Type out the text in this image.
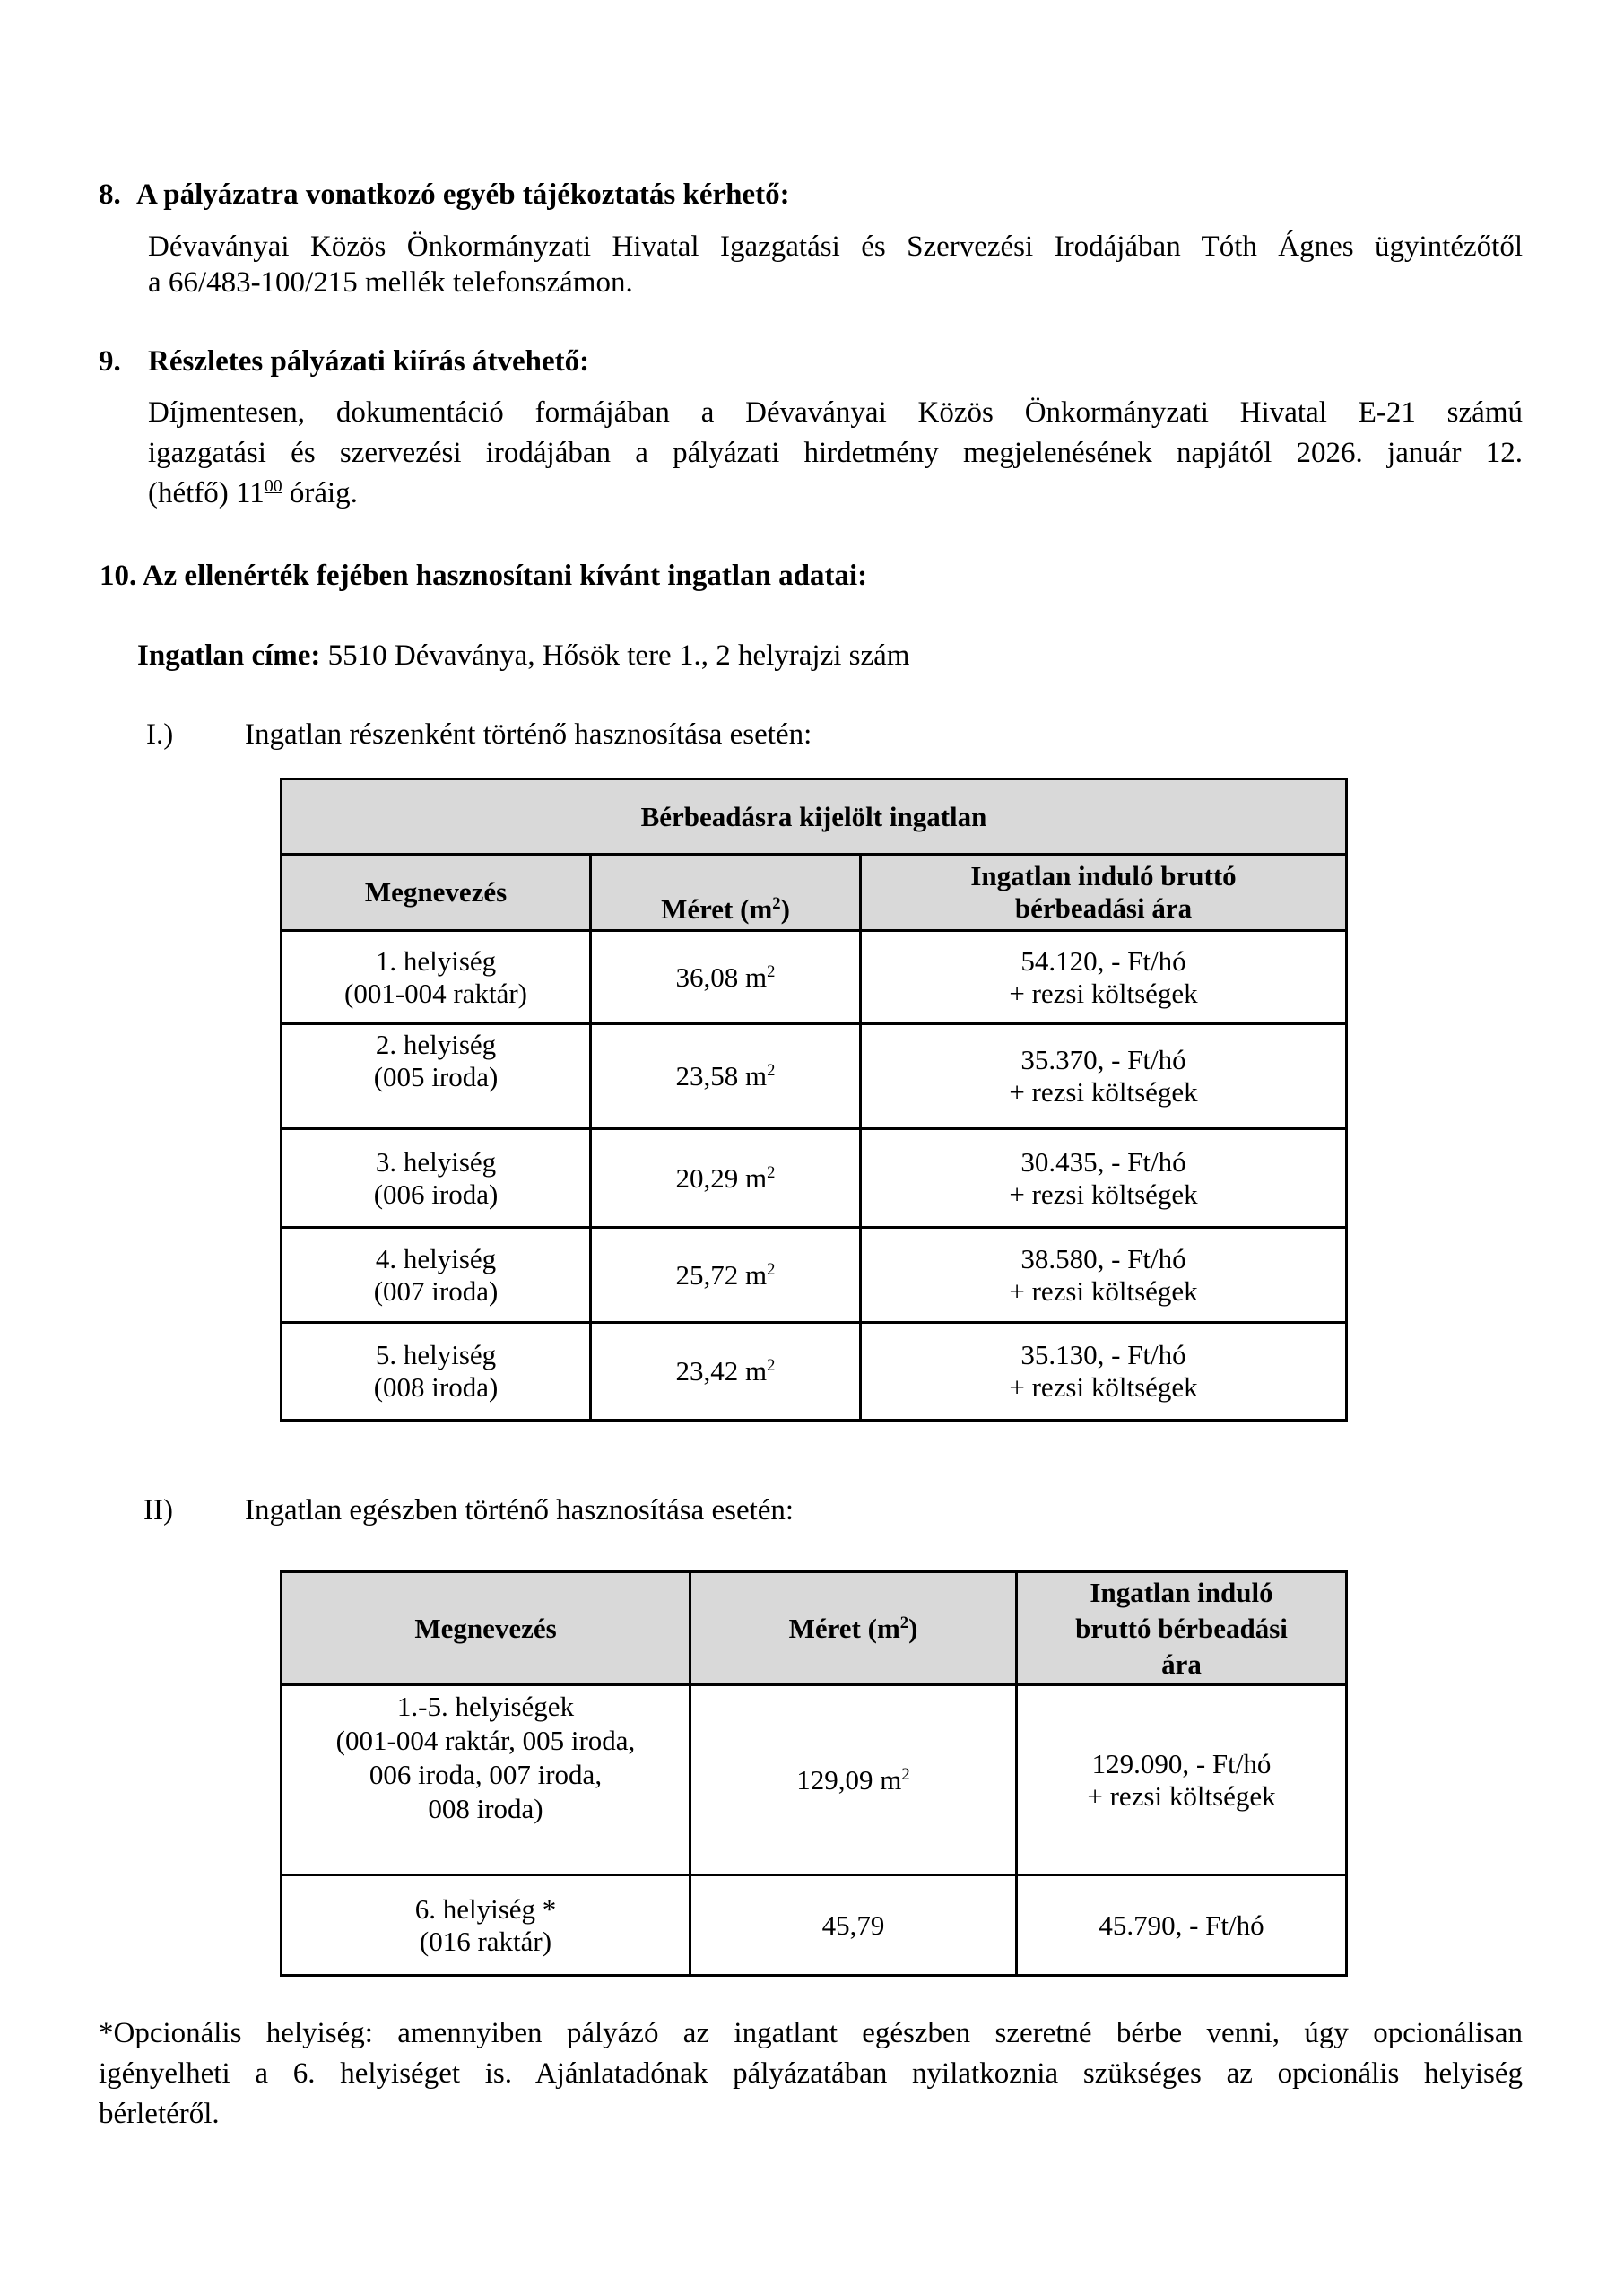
8. A pályázatra vonatkozó egyéb tájékoztatás kérhető:
Dévaványai Közös Önkormányzati Hivatal Igazgatási és Szervezési Irodájában Tóth Ágnes ügyintézőtől
a 66/483-100/215 mellék telefonszámon.
9. Részletes pályázati kiírás átvehető:
Díjmentesen, dokumentáció formájában a Dévaványai Közös Önkormányzati Hivatal E-21 számú
igazgatási és szervezési irodájában a pályázati hirdetmény megjelenésének napjától 2026. január 12.
(hétfő) $11^{00}$ óráig.
10. Az ellenérték fejében hasznosítani kívánt ingatlan adatai:
Ingatlan címe: 5510 Dévaványa, Hősök tere 1., 2 helyrajzi szám
I.) Ingatlan részenként történő hasznosítása esetén:
Bérbeadásra kijelölt ingatlan		
Megnevezés	Méret $(m^2)$	Ingatlan induló bruttó
bérbeadási ára

1. helyiség
(001-004 raktár)	36,08 $m^2$	54.120, - Ft/hó
+ rezsi költségek

2. helyiség
(005 iroda)	23,58 $m^2$	35.370, - Ft/hó
+ rezsi költségek

3. helyiség
(006 iroda)	20,29 $m^2$	30.435, - Ft/hó
+ rezsi költségek

4. helyiség
(007 iroda)	25,72 $m^2$	38.580, - Ft/hó
+ rezsi költségek

5. helyiség
(008 iroda)	23,42 $m^2$	35.130, - Ft/hó
+ rezsi költségek
II) Ingatlan egészben történő hasznosítása esetén:
Megnevezés	Méret $(m^2)$	Ingatlan induló
bruttó bérbeadási
ára

1.-5. helyiségek
(001-004 raktár, 005 iroda,
006 iroda, 007 iroda,
008 iroda)	129,09 $m^2$	129.090, - Ft/hó
+ rezsi költségek

6. helyiség *
(016 raktár)	45,79	45.790, - Ft/hó
*Opcionális helyiség: amennyiben pályázó az ingatlant egészben szeretné bérbe venni, úgy opcionálisan
igényelheti a 6. helyiséget is. Ajánlatadónak pályázatában nyilatkoznia szükséges az opcionális helyiség
bérletéről.
